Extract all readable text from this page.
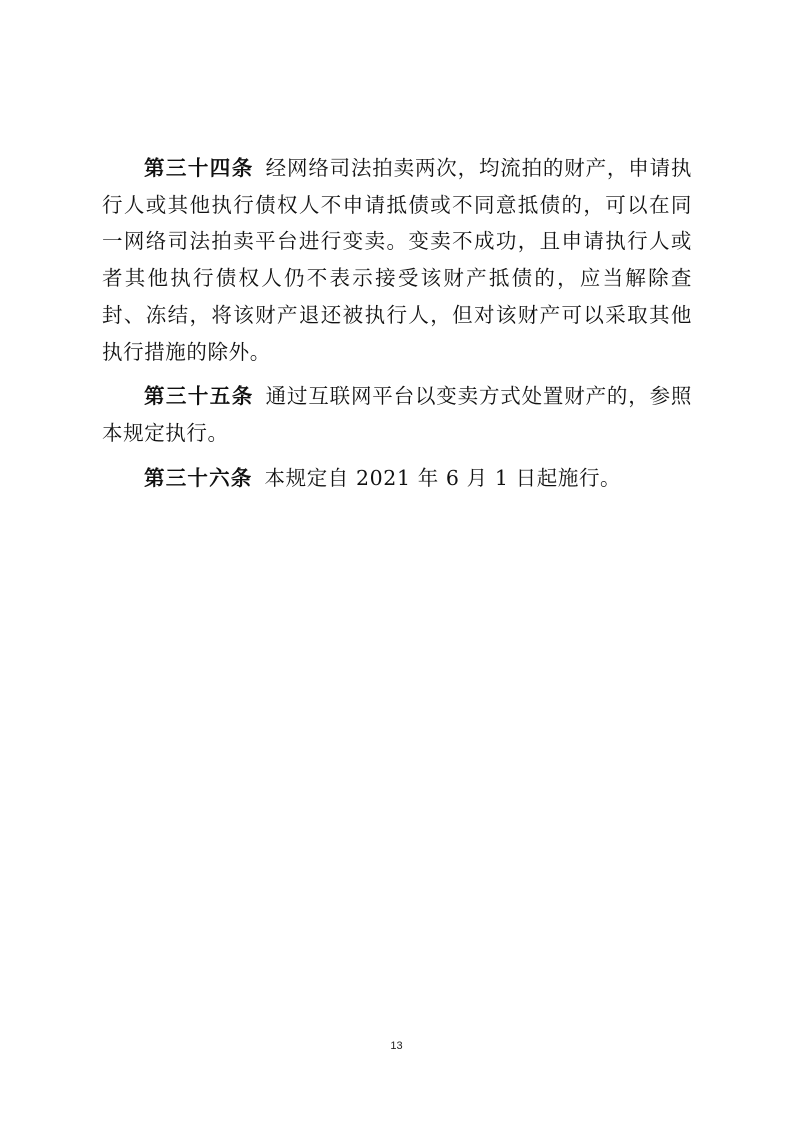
第三十四条 经网络司法拍卖两次，均流拍的财产，申请执行人或其他执行债权人不申请抵债或不同意抵债的，可以在同一网络司法拍卖平台进行变卖。变卖不成功，且申请执行人或者其他执行债权人仍不表示接受该财产抵债的，应当解除查封、冻结，将该财产退还被执行人，但对该财产可以采取其他执行措施的除外。

第三十五条 通过互联网平台以变卖方式处置财产的，参照本规定执行。

第三十六条 本规定自 2021 年 6 月 1 日起施行。

13
